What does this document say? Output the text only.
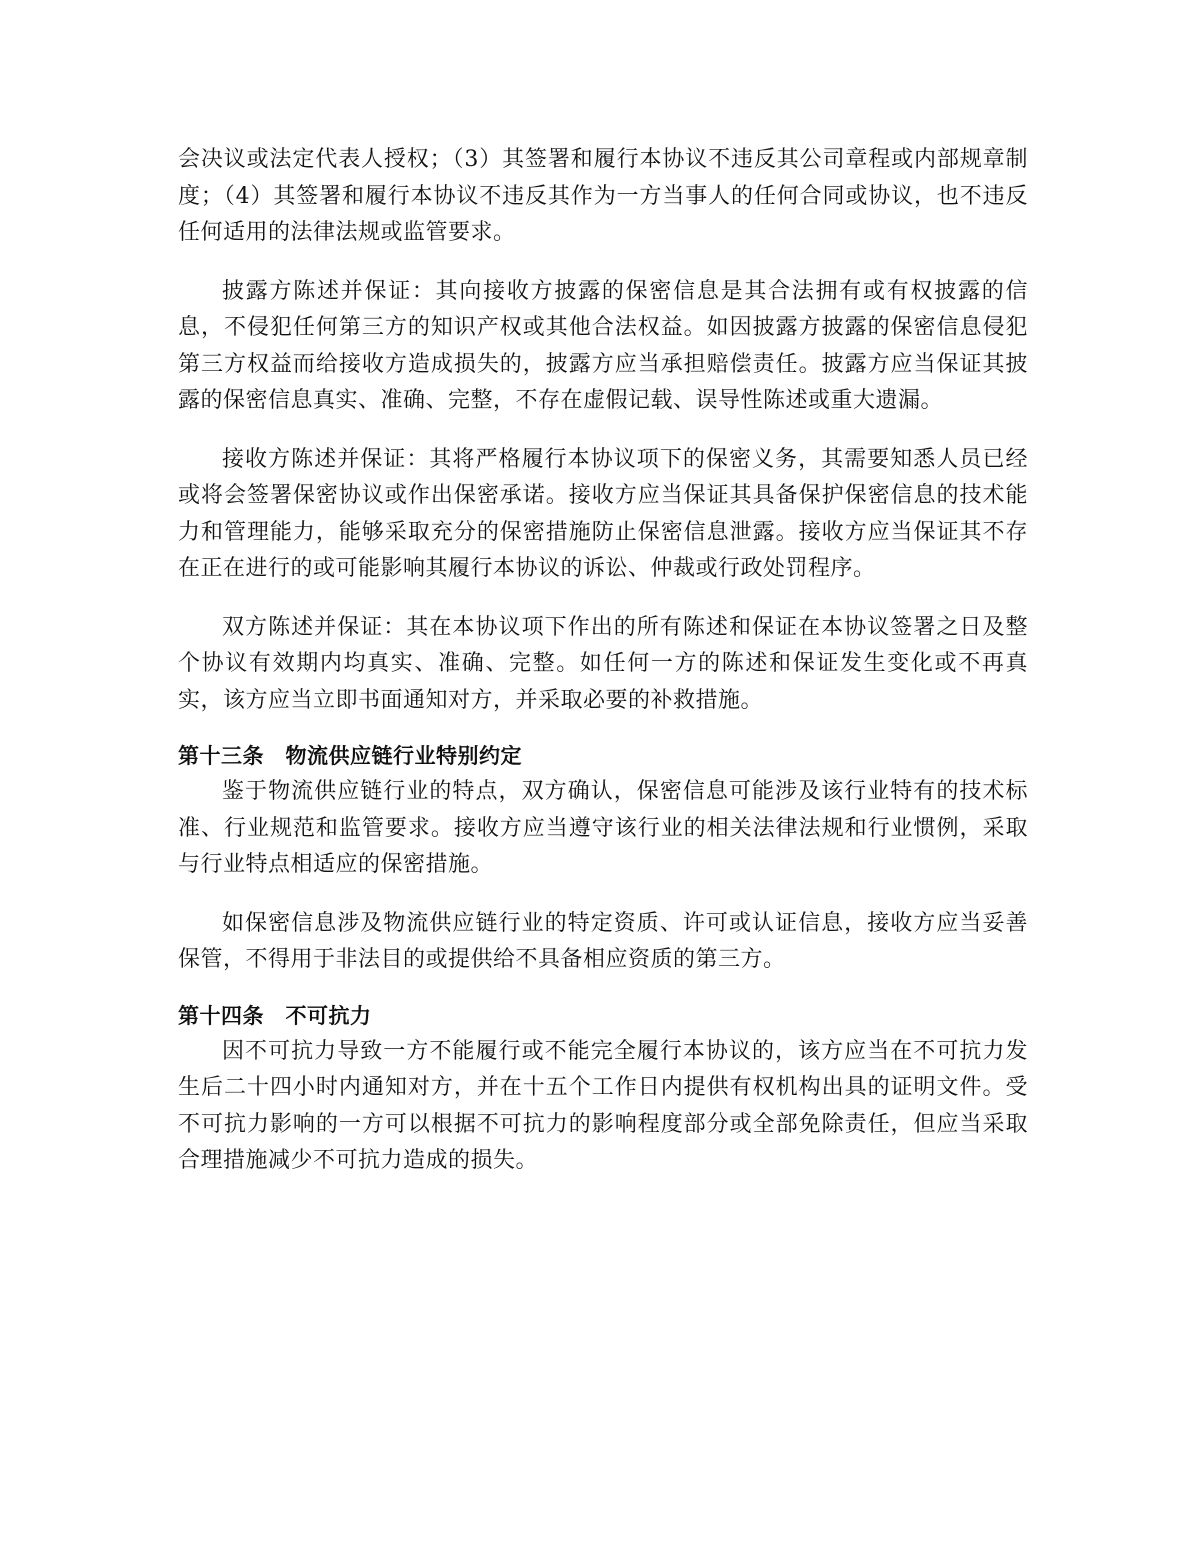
会决议或法定代表人授权；（3）其签署和履行本协议不违反其公司章程或内部规章制度；（4）其签署和履行本协议不违反其作为一方当事人的任何合同或协议，也不违反任何适用的法律法规或监管要求。

披露方陈述并保证：其向接收方披露的保密信息是其合法拥有或有权披露的信息，不侵犯任何第三方的知识产权或其他合法权益。如因披露方披露的保密信息侵犯第三方权益而给接收方造成损失的，披露方应当承担赔偿责任。披露方应当保证其披露的保密信息真实、准确、完整，不存在虚假记载、误导性陈述或重大遗漏。

接收方陈述并保证：其将严格履行本协议项下的保密义务，其需要知悉人员已经或将会签署保密协议或作出保密承诺。接收方应当保证其具备保护保密信息的技术能力和管理能力，能够采取充分的保密措施防止保密信息泄露。接收方应当保证其不存在正在进行的或可能影响其履行本协议的诉讼、仲裁或行政处罚程序。

双方陈述并保证：其在本协议项下作出的所有陈述和保证在本协议签署之日及整个协议有效期内均真实、准确、完整。如任何一方的陈述和保证发生变化或不再真实，该方应当立即书面通知对方，并采取必要的补救措施。

第十三条　物流供应链行业特别约定

鉴于物流供应链行业的特点，双方确认，保密信息可能涉及该行业特有的技术标准、行业规范和监管要求。接收方应当遵守该行业的相关法律法规和行业惯例，采取与行业特点相适应的保密措施。

如保密信息涉及物流供应链行业的特定资质、许可或认证信息，接收方应当妥善保管，不得用于非法目的或提供给不具备相应资质的第三方。

第十四条　不可抗力

因不可抗力导致一方不能履行或不能完全履行本协议的，该方应当在不可抗力发生后二十四小时内通知对方，并在十五个工作日内提供有权机构出具的证明文件。受不可抗力影响的一方可以根据不可抗力的影响程度部分或全部免除责任，但应当采取合理措施减少不可抗力造成的损失。
